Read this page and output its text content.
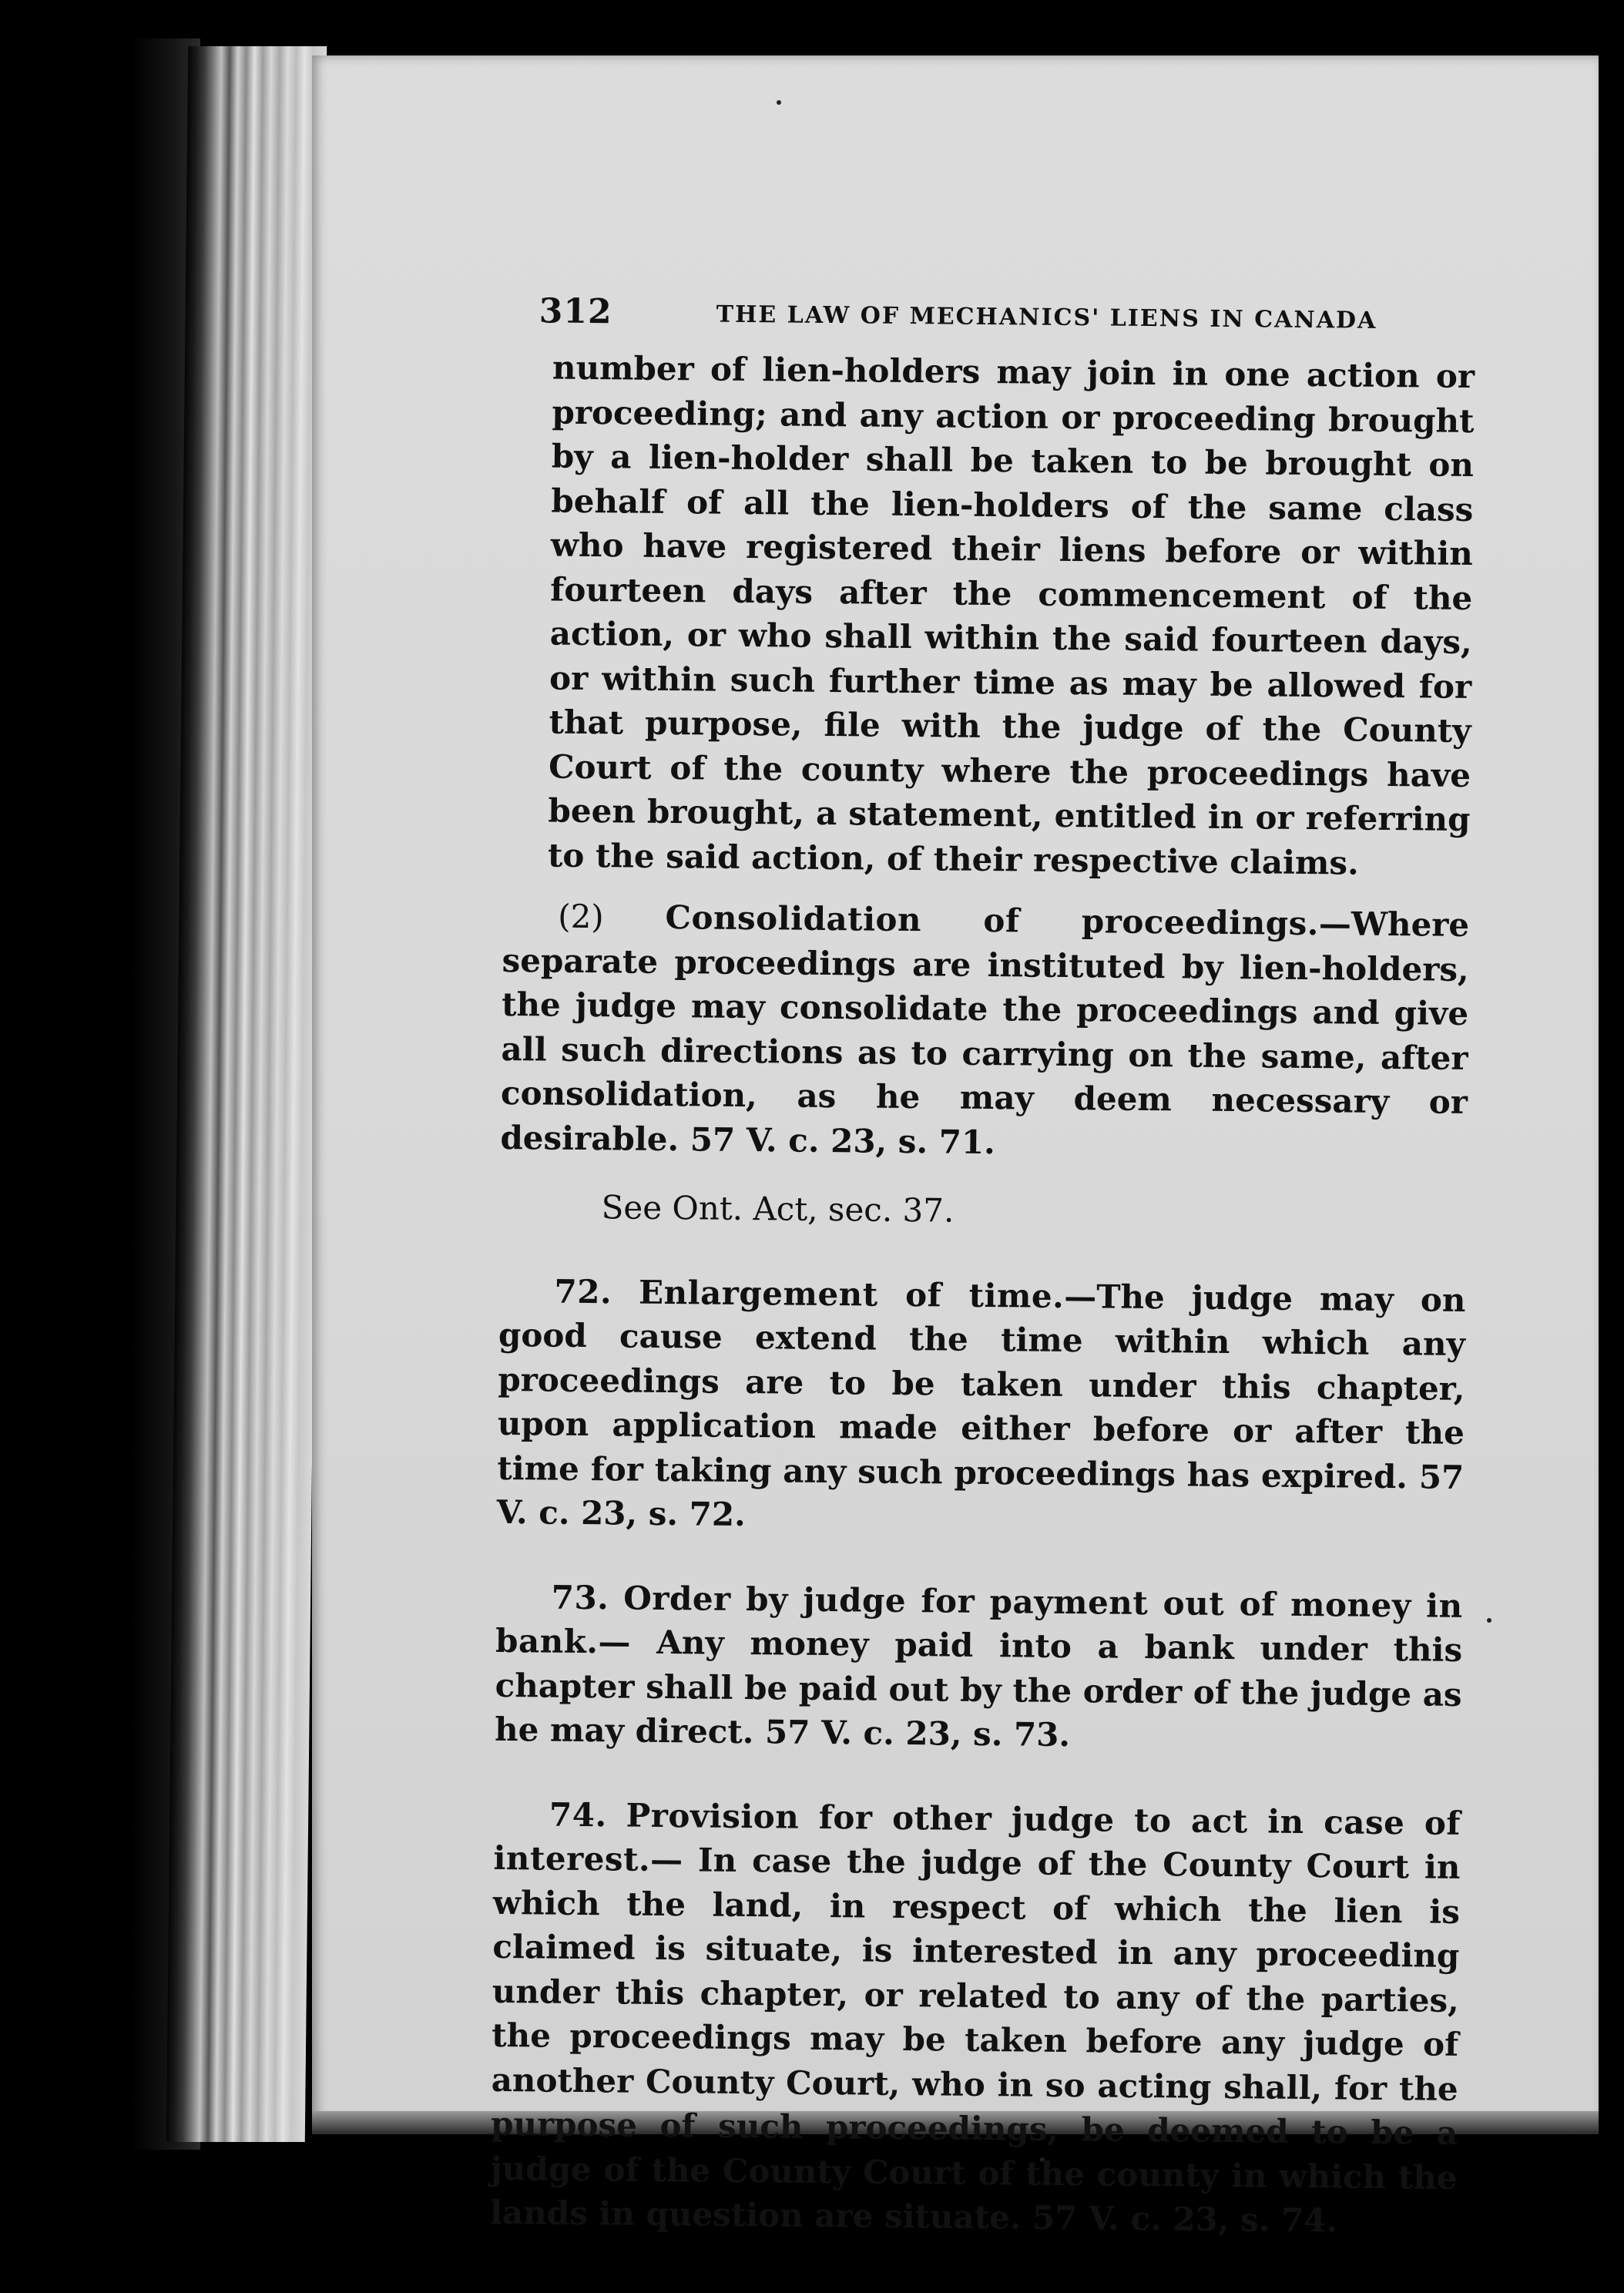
312	THE LAW OF MECHANICS' LIENS IN CANADA

number of lien-holders may join in one action or proceeding; and any action or proceeding brought by a lien-holder shall be taken to be brought on behalf of all the lien-holders of the same class who have registered their liens before or within fourteen days after the commencement of the action, or who shall within the said fourteen days, or within such further time as may be allowed for that purpose, file with the judge of the County Court of the county where the proceedings have been brought, a statement, entitled in or referring to the said action, of their respective claims.

(2) Consolidation of proceedings.—Where separate proceedings are instituted by lien-holders, the judge may consolidate the proceedings and give all such directions as to carrying on the same, after consolidation, as he may deem necessary or desirable. 57 V. c. 23, s. 71.

See Ont. Act, sec. 37.

72. Enlargement of time.—The judge may on good cause extend the time within which any proceedings are to be taken under this chapter, upon application made either before or after the time for taking any such proceedings has expired. 57 V. c. 23, s. 72.

73. Order by judge for payment out of money in bank.— Any money paid into a bank under this chapter shall be paid out by the order of the judge as he may direct. 57 V. c. 23, s. 73.

74. Provision for other judge to act in case of interest.— In case the judge of the County Court in which the land, in respect of which the lien is claimed is situate, is interested in any proceeding under this chapter, or related to any of the parties, the proceedings may be taken before any judge of another County Court, who in so acting shall, for the purpose of such proceedings, be deemed to be a judge of the County Court of the county in which the lands in question are situate. 57 V. c. 23, s. 74.
